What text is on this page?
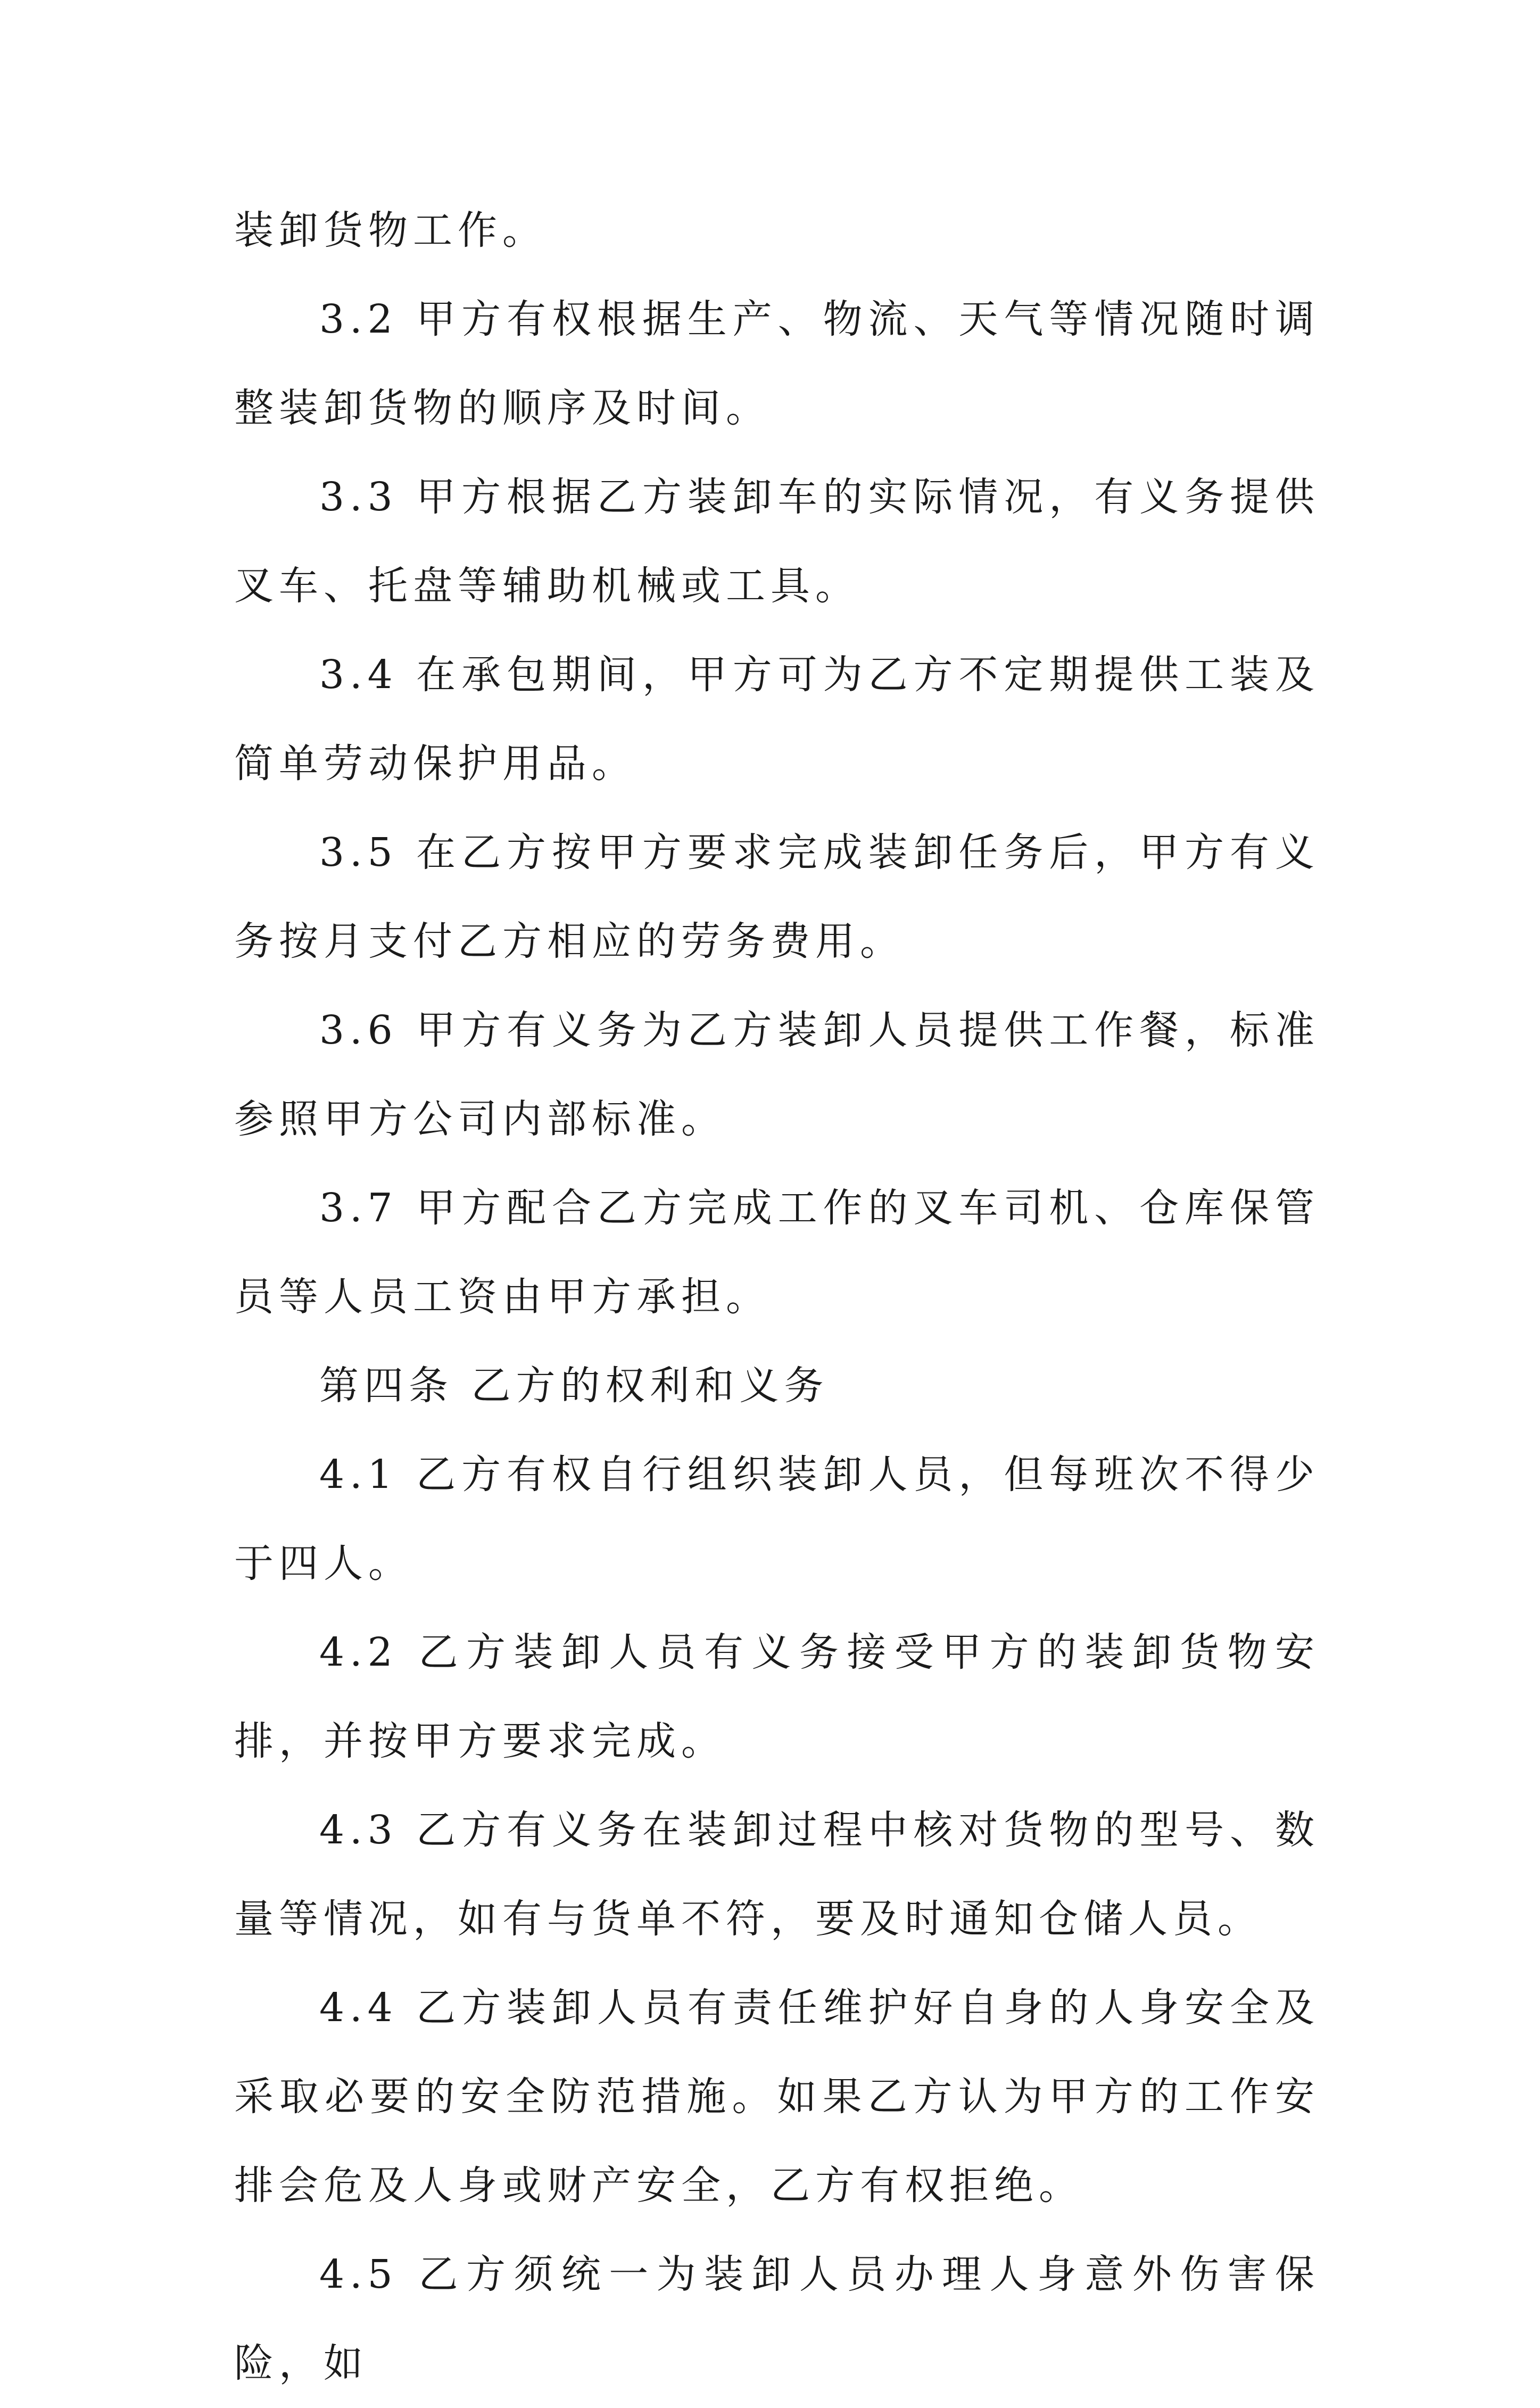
装卸货物工作。

3.2 甲方有权根据生产、物流、天气等情况随时调整装卸货物的顺序及时间。

3.3 甲方根据乙方装卸车的实际情况，有义务提供叉车、托盘等辅助机械或工具。

3.4 在承包期间，甲方可为乙方不定期提供工装及简单劳动保护用品。

3.5 在乙方按甲方要求完成装卸任务后，甲方有义务按月支付乙方相应的劳务费用。

3.6 甲方有义务为乙方装卸人员提供工作餐，标准参照甲方公司内部标准。

3.7 甲方配合乙方完成工作的叉车司机、仓库保管员等人员工资由甲方承担。

第四条 乙方的权利和义务

4.1 乙方有权自行组织装卸人员，但每班次不得少于四人。

4.2 乙方装卸人员有义务接受甲方的装卸货物安排，并按甲方要求完成。

4.3 乙方有义务在装卸过程中核对货物的型号、数量等情况，如有与货单不符，要及时通知仓储人员。

4.4 乙方装卸人员有责任维护好自身的人身安全及采取必要的安全防范措施。如果乙方认为甲方的工作安排会危及人身或财产安全，乙方有权拒绝。

4.5 乙方须统一为装卸人员办理人身意外伤害保险，如
